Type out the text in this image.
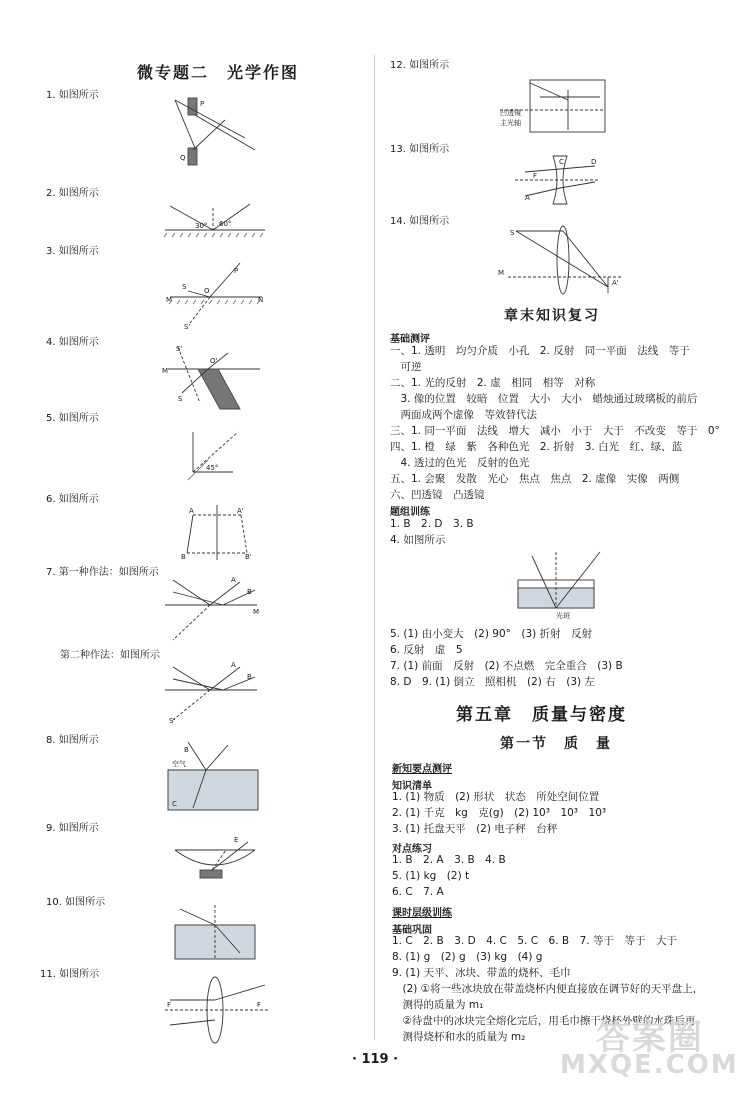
微专题二　光学作图
1. 如图所示
P
Q
2. 如图所示
30° 60°
3. 如图所示
S
P
O
M	N
S'
4. 如图所示
S'
O'
M
S
5. 如图所示
45°
6. 如图所示
A
B
A'
B'
7. 第一种作法：如图所示
A
B
M
第二种作法：如图所示
A
B
S'
8. 如图所示
空气
B
C
9. 如图所示
E
10. 如图所示
11. 如图所示
F	F
12. 如图所示
凹透镜
主光轴
13. 如图所示
F
D
C
A
14. 如图所示
S
M
A'
章末知识复习
基础测评
一、1. 透明　均匀介质　小孔　2. 反射　同一平面　法线　等于
　可逆
二、1. 光的反射　2. 虚　相同　相等　对称
　3. 像的位置　较暗　位置　大小　大小　蜡烛通过玻璃板的前后
　两面成两个虚像　等效替代法
三、1. 同一平面　法线　增大　减小　小于　大于　不改变　等于　0°
四、1. 橙　绿　紫　各种色光　2. 折射　3. 白光　红、绿、蓝
　4. 透过的色光　反射的色光
五、1. 会聚　发散　光心　焦点　焦点　2. 虚像　实像　两侧
六、凹透镜　凸透镜
题组训练
1. B　2. D　3. B
4. 如图所示
光斑
5. (1) 由小变大　(2) 90°　(3) 折射　反射
6. 反射　虚　5
7. (1) 前面　反射　(2) 不点燃　完全重合　(3) B
8. D　9. (1) 倒立　照相机　(2) 右　(3) 左
第五章　质量与密度
第一节　质　量
新知要点测评
知识清单
1. (1) 物质　(2) 形状　状态　所处空间位置
2. (1) 千克　kg　克(g)　(2) 10³　10³　10³
3. (1) 托盘天平　(2) 电子秤　台秤
对点练习
1. B　2. A　3. B　4. B
5. (1) kg　(2) t
6. C　7. A
课时层级训练
基础巩固
1. C　2. B　3. D　4. C　5. C　6. B　7. 等于　等于　大于
8. (1) g　(2) g　(3) kg　(4) g
9. (1) 天平、冰块、带盖的烧杯、毛巾
　(2) ①将一些冰块放在带盖烧杯内便直接放在调节好的天平盘上，
　测得的质量为 m₁
　②待盘中的冰块完全熔化完后，用毛巾擦干烧杯外壁的水珠后再
　测得烧杯和水的质量为 m₂
· 119 ·
答案圈
MXQE.COM
